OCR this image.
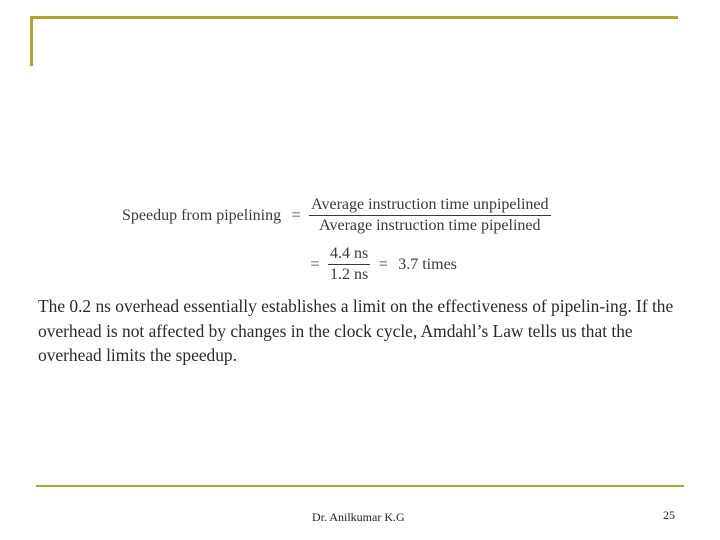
Speedup from pipelining = $\frac{\text{Average instruction time unpipelined}}{\text{Average instruction time pipelined}}$
= $\frac{4.4 ns}{1.2 ns} = 3.7$ times

The 0.2 ns overhead essentially establishes a limit on the effectiveness of pipelin-ing. If the overhead is not affected by changes in the clock cycle, Amdahl’s Law tells us that the overhead limits the speedup.

Dr. Anilkumar K.G	25
